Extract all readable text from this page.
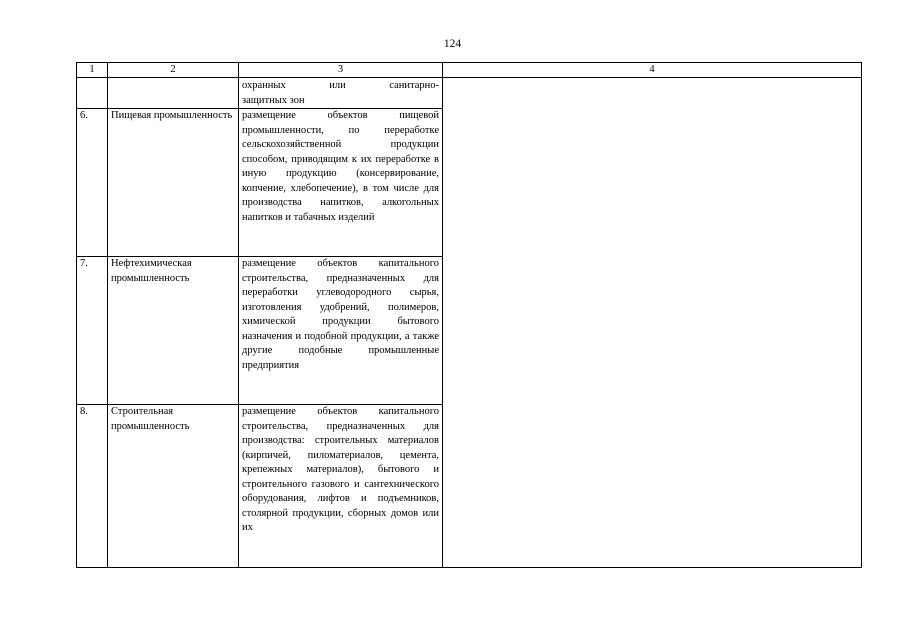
124
1	2	3	4

		охранных или санитарно-
защитных зон	

6.	Пищевая промышленность	размещение объектов пищевой промышленности, по переработке сельскохозяйственной продукции способом, приводящим к их переработке в иную продукцию (консервирование, копчение, хлебопечение), в том числе для производства напитков, алкогольных напитков и табачных изделий	
7.	Нефтехимическая промышленность	размещение объектов капитального строительства, предназначенных для переработки углеводородного сырья, изготовления удобрений, полимеров, химической продукции бытового назначения и подобной продукции, а также другие подобные промышленные предприятия	
8.	Строительная промышленность	размещение объектов капитального строительства, предназначенных для производства: строительных материалов (кирпичей, пиломатериалов, цемента, крепежных материалов), бытового и строительного газового и сантехнического оборудования, лифтов и подъемников, столярной продукции, сборных домов или их	
